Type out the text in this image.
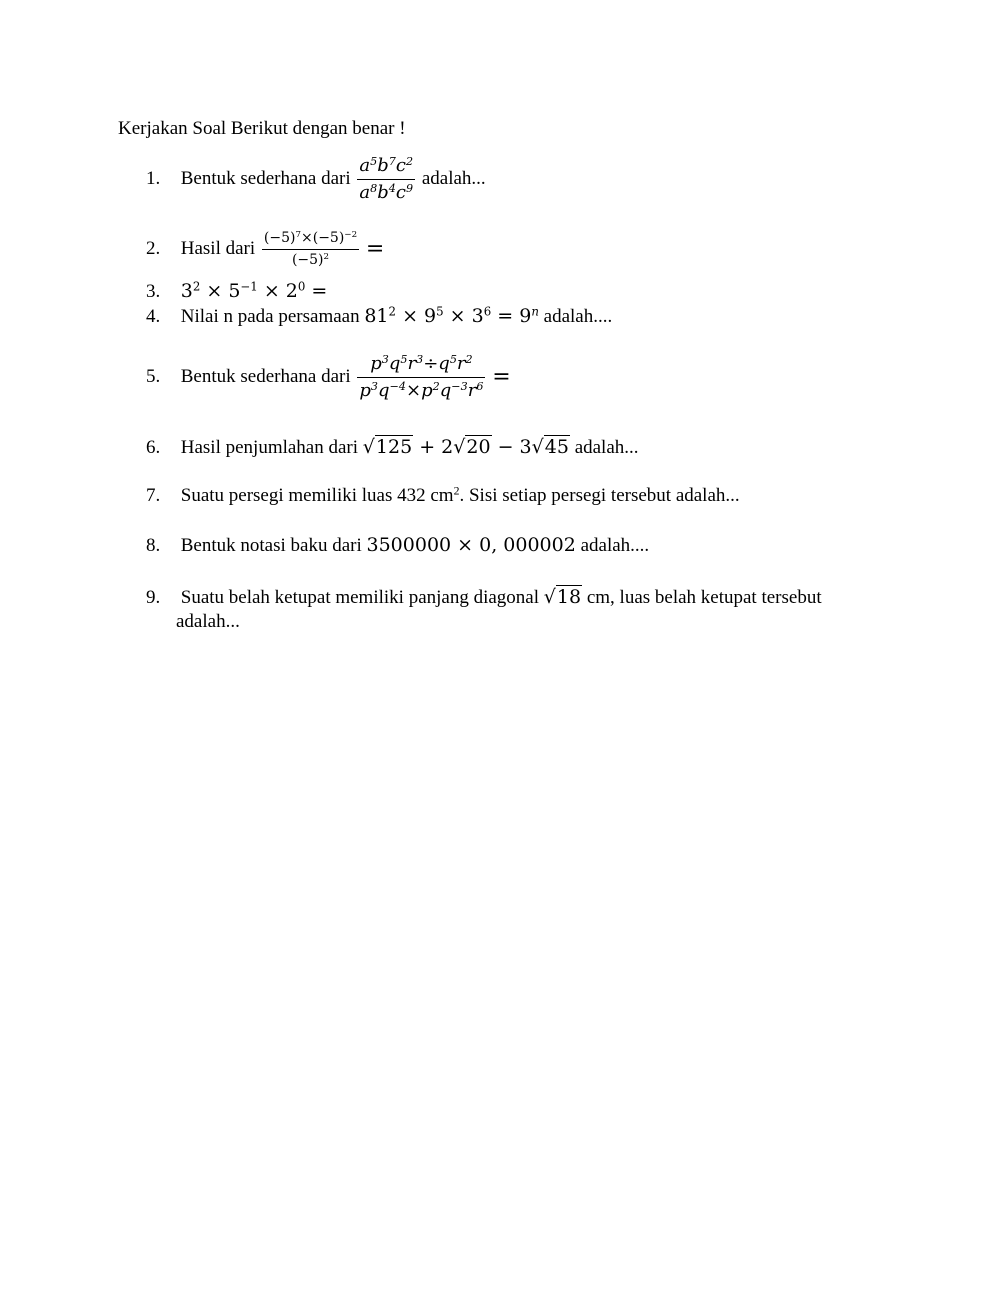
Kerjakan Soal Berikut dengan benar !
1. Bentuk sederhana dari $\frac{a^5b^7c^2}{a^8b^4c^9}$ adalah...
2. Hasil dari $\frac{(-5)^7\times(-5)^{-2}}{(-5)^2}$ =
3. $3^2 \times 5^{-1} \times 2^0$ =
4. Nilai n pada persamaan $81^2 \times 9^5 \times 3^6 = 9^n$ adalah....
5. Bentuk sederhana dari $\frac{p^3q^5r^3\div q^5r^2}{p^3q^{-4}\times p^2q^{-3}r^6}$ =
6. Hasil penjumlahan dari √125 + 2√20 − 3√45 adalah...
7. Suatu persegi memiliki luas 432 $cm^2$. Sisi setiap persegi tersebut adalah...
8. Bentuk notasi baku dari 3500000 × 0, 000002 adalah....
9. Suatu belah ketupat memiliki panjang diagonal √18 cm, luas belah ketupat tersebut
adalah...
